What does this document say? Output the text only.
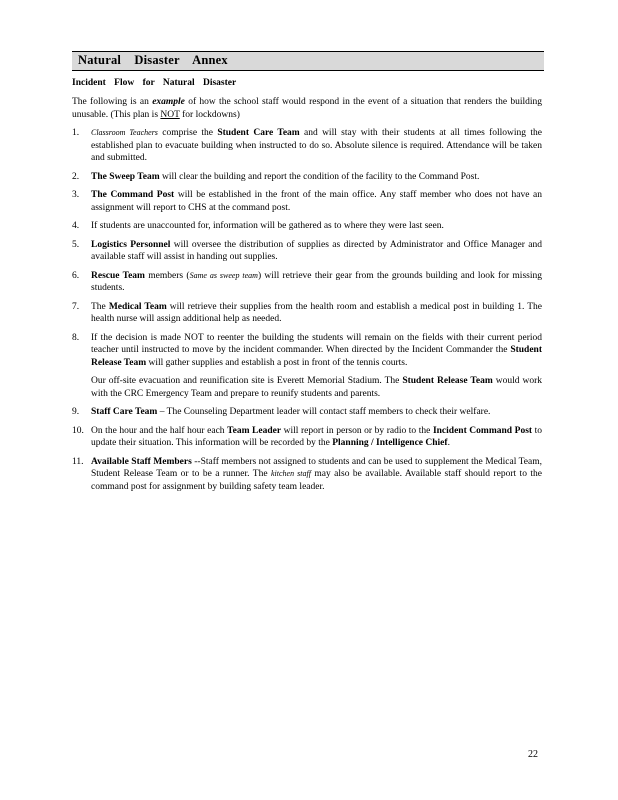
Natural Disaster Annex
Incident Flow for Natural Disaster

The following is an example of how the school staff would respond in the event of a situation that renders the building unusable. (This plan is NOT for lockdowns)

1. Classroom Teachers comprise the Student Care Team and will stay with their students at all times following the established plan to evacuate building when instructed to do so. Absolute silence is required. Attendance will be taken and submitted.
2. The Sweep Team will clear the building and report the condition of the facility to the Command Post.
3. The Command Post will be established in the front of the main office. Any staff member who does not have an assignment will report to CHS at the command post.
4. If students are unaccounted for, information will be gathered as to where they were last seen.
5. Logistics Personnel will oversee the distribution of supplies as directed by Administrator and Office Manager and available staff will assist in handing out supplies.
6. Rescue Team members (Same as sweep team) will retrieve their gear from the grounds building and look for missing students.
7. The Medical Team will retrieve their supplies from the health room and establish a medical post in building 1. The health nurse will assign additional help as needed.
8. If the decision is made NOT to reenter the building the students will remain on the fields with their current period teacher until instructed to move by the incident commander. When directed by the Incident Commander the Student Release Team will gather supplies and establish a post in front of the tennis courts.
Our off-site evacuation and reunification site is Everett Memorial Stadium. The Student Release Team would work with the CRC Emergency Team and prepare to reunify students and parents.
9. Staff Care Team – The Counseling Department leader will contact staff members to check their welfare.
10. On the hour and the half hour each Team Leader will report in person or by radio to the Incident Command Post to update their situation. This information will be recorded by the Planning / Intelligence Chief.
11. Available Staff Members --Staff members not assigned to students and can be used to supplement the Medical Team, Student Release Team or to be a runner. The kitchen staff may also be available. Available staff should report to the command post for assignment by building safety team leader.
22
